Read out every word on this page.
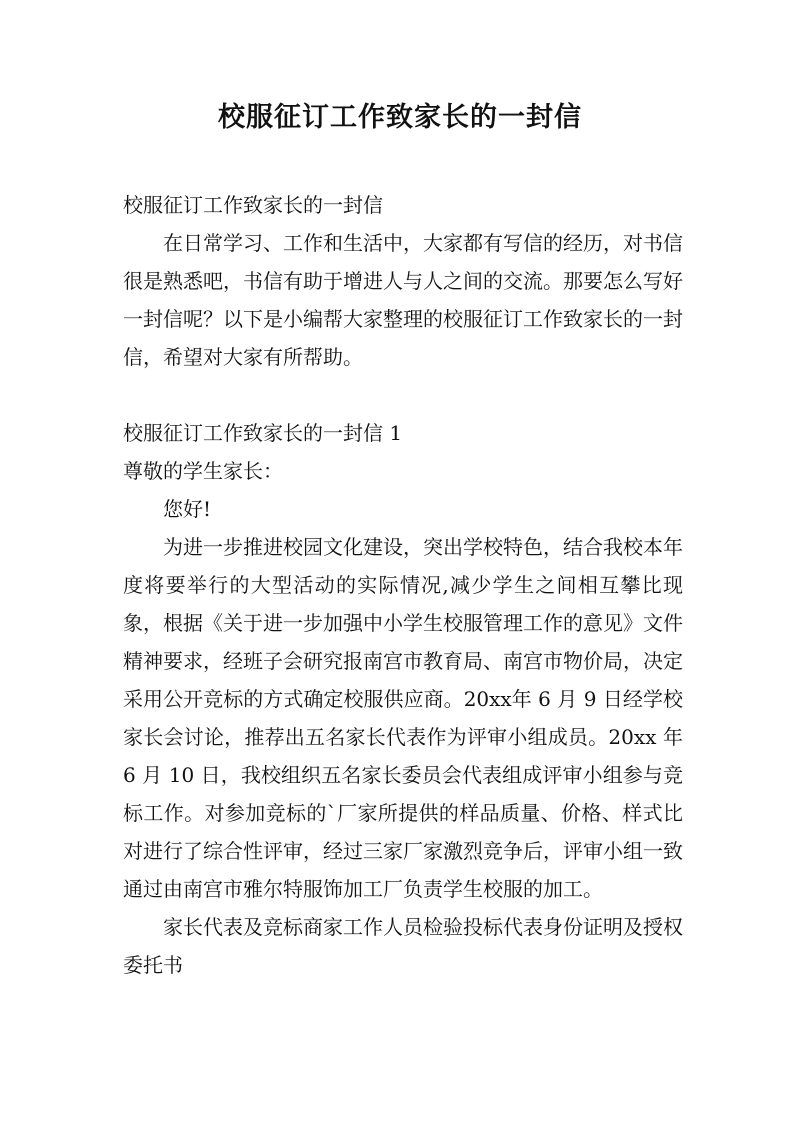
校服征订工作致家长的一封信

校服征订工作致家长的一封信

在日常学习、工作和生活中，大家都有写信的经历，对书信很是熟悉吧，书信有助于增进人与人之间的交流。那要怎么写好一封信呢？以下是小编帮大家整理的校服征订工作致家长的一封信，希望对大家有所帮助。

校服征订工作致家长的一封信 1

尊敬的学生家长：

您好!

为进一步推进校园文化建设，突出学校特色，结合我校本年度将要举行的大型活动的实际情况,减少学生之间相互攀比现象，根据《关于进一步加强中小学生校服管理工作的意见》文件精神要求，经班子会研究报南宫市教育局、南宫市物价局，决定采用公开竞标的方式确定校服供应商。20xx年 6 月 9 日经学校家长会讨论，推荐出五名家长代表作为评审小组成员。20xx 年 6 月 10 日，我校组织五名家长委员会代表组成评审小组参与竞标工作。对参加竞标的`厂家所提供的样品质量、价格、样式比对进行了综合性评审，经过三家厂家激烈竞争后，评审小组一致通过由南宫市雅尔特服饰加工厂负责学生校服的加工。

家长代表及竞标商家工作人员检验投标代表身份证明及授权委托书
